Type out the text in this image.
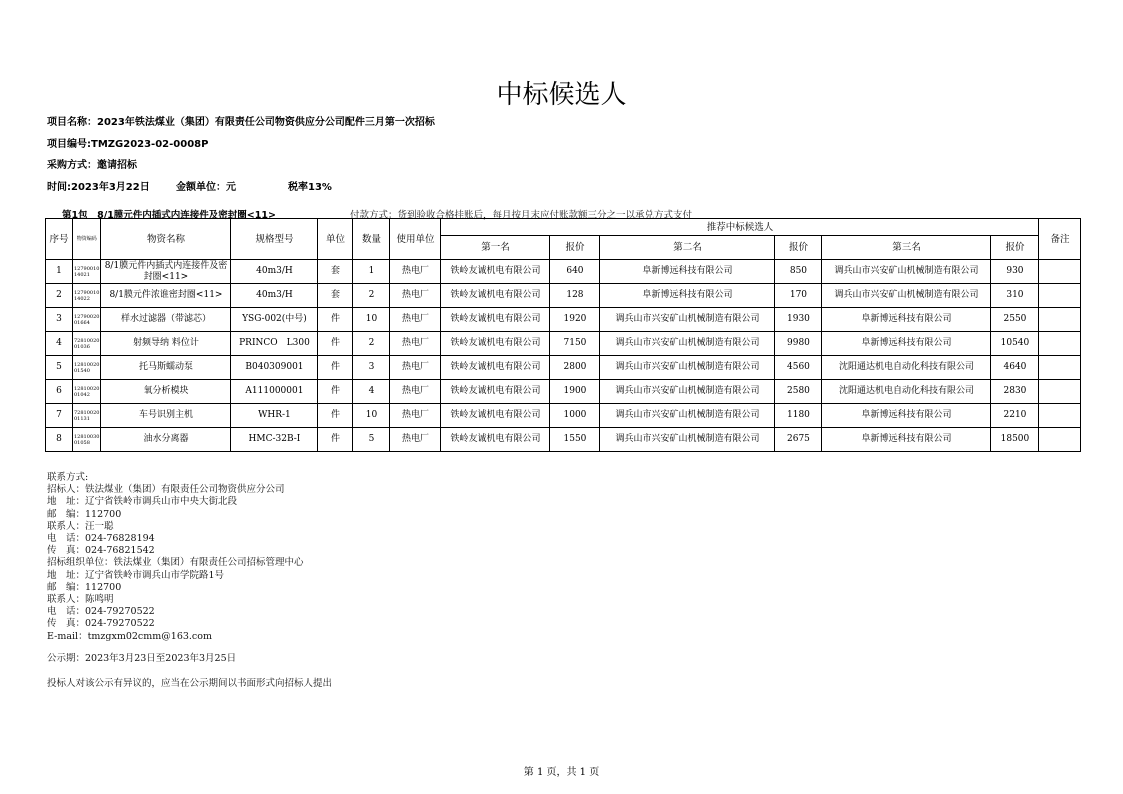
中标候选人
项目名称：2023年铁法煤业（集团）有限责任公司物资供应分公司配件三月第一次招标
项目编号:TMZG2023-02-0008P
采购方式：邀请招标
时间:2023年3月22日	金额单位：元	税率13%
第1包　8/1膜元件内插式内连接件及密封圈<11>	付款方式：货到验收合格挂账后，每月按月末应付账款额三分之一以承兑方式支付
序号	物资编码	物资名称	规格型号	单位	数量	使用单位	推荐中标候选人						备注
							第一名	报价	第二名	报价	第三名	报价	
1	12790010 14021	8/1膜元件内插式内连接件及密封圈<11>	40m3/H	套	1	热电厂	铁岭友诚机电有限公司	640	阜新博远科技有限公司	850	调兵山市兴安矿山机械制造有限公司	930	
2	12790010 14022	8/1膜元件浓谁密封圈<11>	40m3/H	套	2	热电厂	铁岭友诚机电有限公司	128	阜新博远科技有限公司	170	调兵山市兴安矿山机械制造有限公司	310	
3	12790020 01664	样水过滤器（带滤芯）	YSG-002(中号)	件	10	热电厂	铁岭友诚机电有限公司	1920	调兵山市兴安矿山机械制造有限公司	1930	阜新博远科技有限公司	2550	
4	72810020 01036	射频导纳 料位计	PRINCO　L300	件	2	热电厂	铁岭友诚机电有限公司	7150	调兵山市兴安矿山机械制造有限公司	9980	阜新博远科技有限公司	10540	
5	12810020 01540	托马斯蠕动泵	B040309001	件	3	热电厂	铁岭友诚机电有限公司	2800	调兵山市兴安矿山机械制造有限公司	4560	沈阳通达机电自动化科技有限公司	4640	
6	12810020 01042	氧分析模块	A111000001	件	4	热电厂	铁岭友诚机电有限公司	1900	调兵山市兴安矿山机械制造有限公司	2580	沈阳通达机电自动化科技有限公司	2830	
7	72810020 01131	车号识别主机	WHR-1	件	10	热电厂	铁岭友诚机电有限公司	1000	调兵山市兴安矿山机械制造有限公司	1180	阜新博远科技有限公司	2210	
8	12810030 01058	油水分离器	HMC-32B-I	件	5	热电厂	铁岭友诚机电有限公司	1550	调兵山市兴安矿山机械制造有限公司	2675	阜新博远科技有限公司	18500	
联系方式:
招标人：铁法煤业（集团）有限责任公司物资供应分公司
地　址：辽宁省铁岭市调兵山市中央大街北段
邮　编：112700
联系人：汪一聪
电　话：024-76828194
传　真：024-76821542
招标组织单位：铁法煤业（集团）有限责任公司招标管理中心
地　址：辽宁省铁岭市调兵山市学院路1号
邮　编：112700
联系人：陈鸣明
电　话：024-79270522
传　真：024-79270522
E-mail：tmzgxm02cmm@163.com
公示期：2023年3月23日至2023年3月25日
投标人对该公示有异议的，应当在公示期间以书面形式向招标人提出
第 1 页，共 1 页
